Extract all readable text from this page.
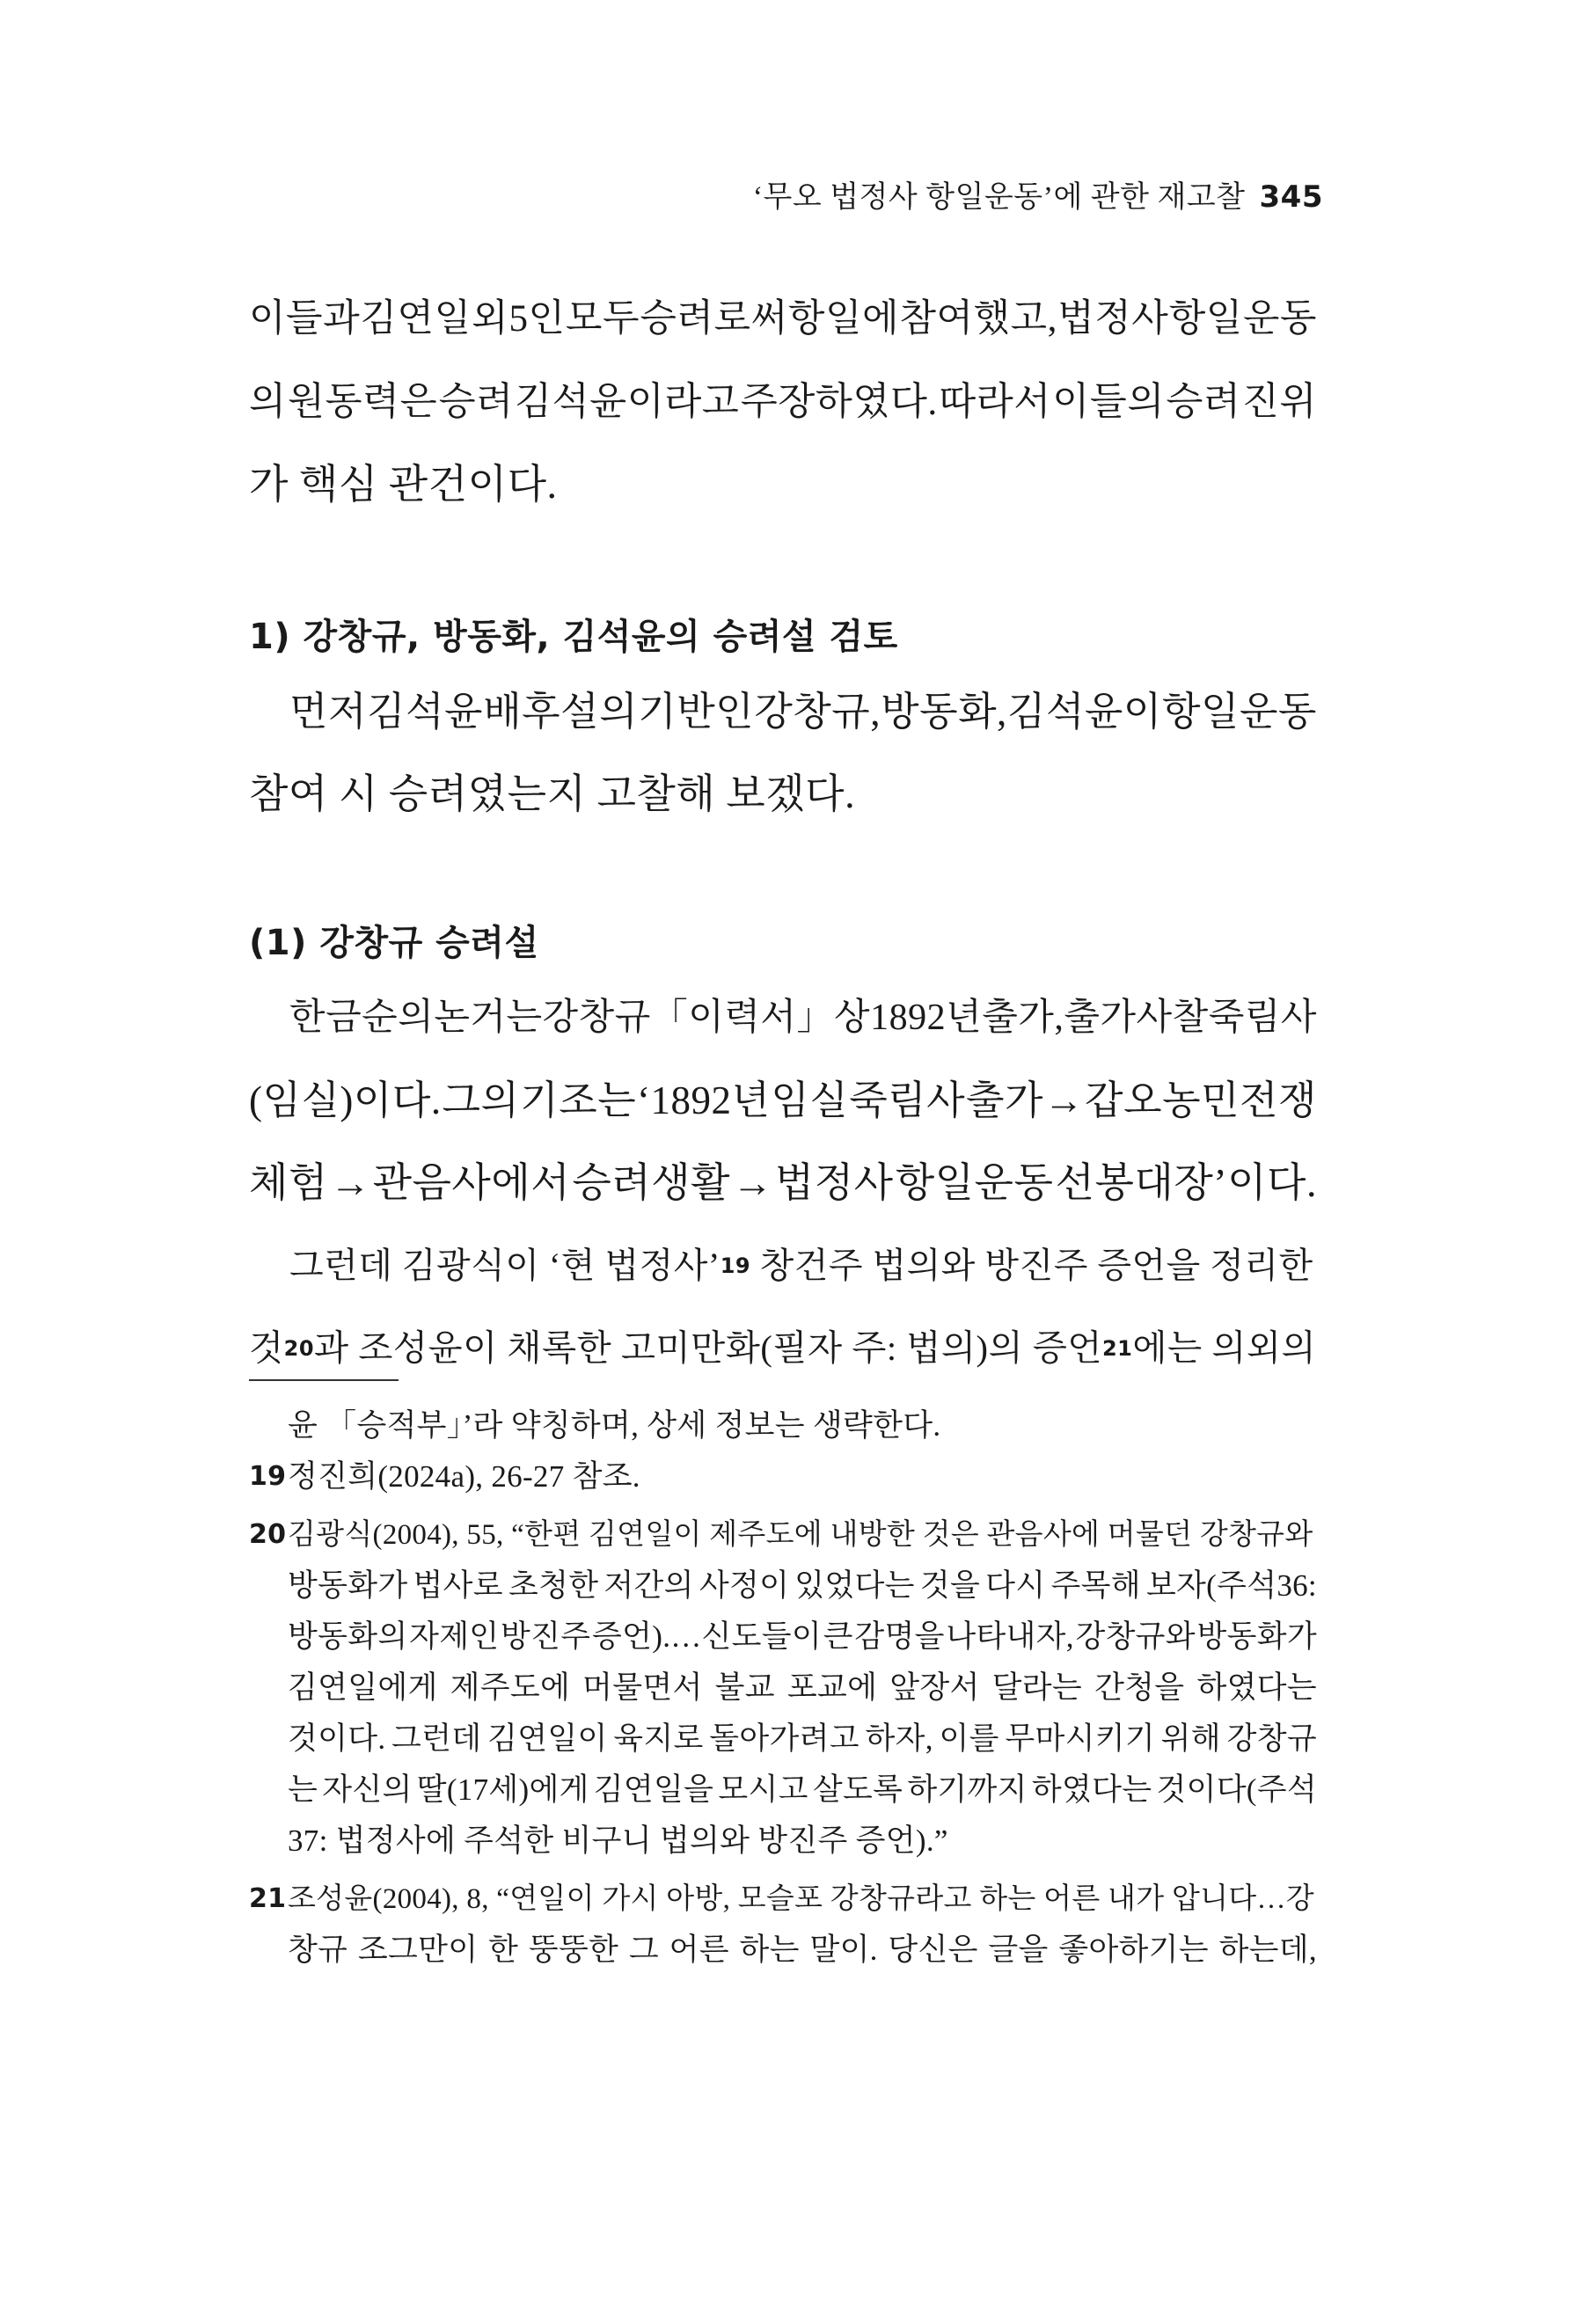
‘무오 법정사 항일운동’에 관한 재고찰 345
이들과 김연일 외 5인 모두 승려로써 항일에 참여했고, 법정사 항일운동
의 원동력은 승려 김석윤이라고 주장하였다. 따라서 이들의 승려 진위
가 핵심 관건이다.
1) 강창규, 방동화, 김석윤의 승려설 검토
먼저 김석윤 배후설의 기반인 강창규, 방동화, 김석윤이 항일운동
참여 시 승려였는지 고찰해 보겠다.
(1) 강창규 승려설
한금순의 논거는 강창규 「이력서」 상 1892년 출가, 출가사찰 죽림사
(임실)이다. 그의 기조는 ‘1892년 임실 죽림사 출가 → 갑오농민전쟁
체험 → 관음사에서 승려생활 → 법정사 항일운동 선봉대장’이다.
그런데 김광식이 ‘현 법정사’ 19 창건주 법의와 방진주 증언을 정리한
것 20 과 조성윤이 채록한 고미만화(필자 주: 법의)의 증언 21 에는 의외의
윤 「승적부」’라 약칭하며, 상세 정보는 생략한다.
19 정진희(2024a), 26-27 참조.
20 김광식(2004), 55, “한편 김연일이 제주도에 내방한 것은 관음사에 머물던 강창규와
방동화가 법사로 초청한 저간의 사정이 있었다는 것을 다시 주목해 보자(주석36:
방동화의 자제인 방진주 증언).…신도들이 큰 감명을 나타내자, 강창규와 방동화가
김연일에게 제주도에 머물면서 불교 포교에 앞장서 달라는 간청을 하였다는
것이다. 그런데 김연일이 육지로 돌아가려고 하자, 이를 무마시키기 위해 강창규
는 자신의 딸(17세)에게 김연일을 모시고 살도록 하기까지 하였다는 것이다(주석
37: 법정사에 주석한 비구니 법의와 방진주 증언).”
21 조성윤(2004), 8, “연일이 가시 아방, 모슬포 강창규라고 하는 어른 내가 압니다…강
창규 조그만이 한 뚱뚱한 그 어른 하는 말이. 당신은 글을 좋아하기는 하는데,
